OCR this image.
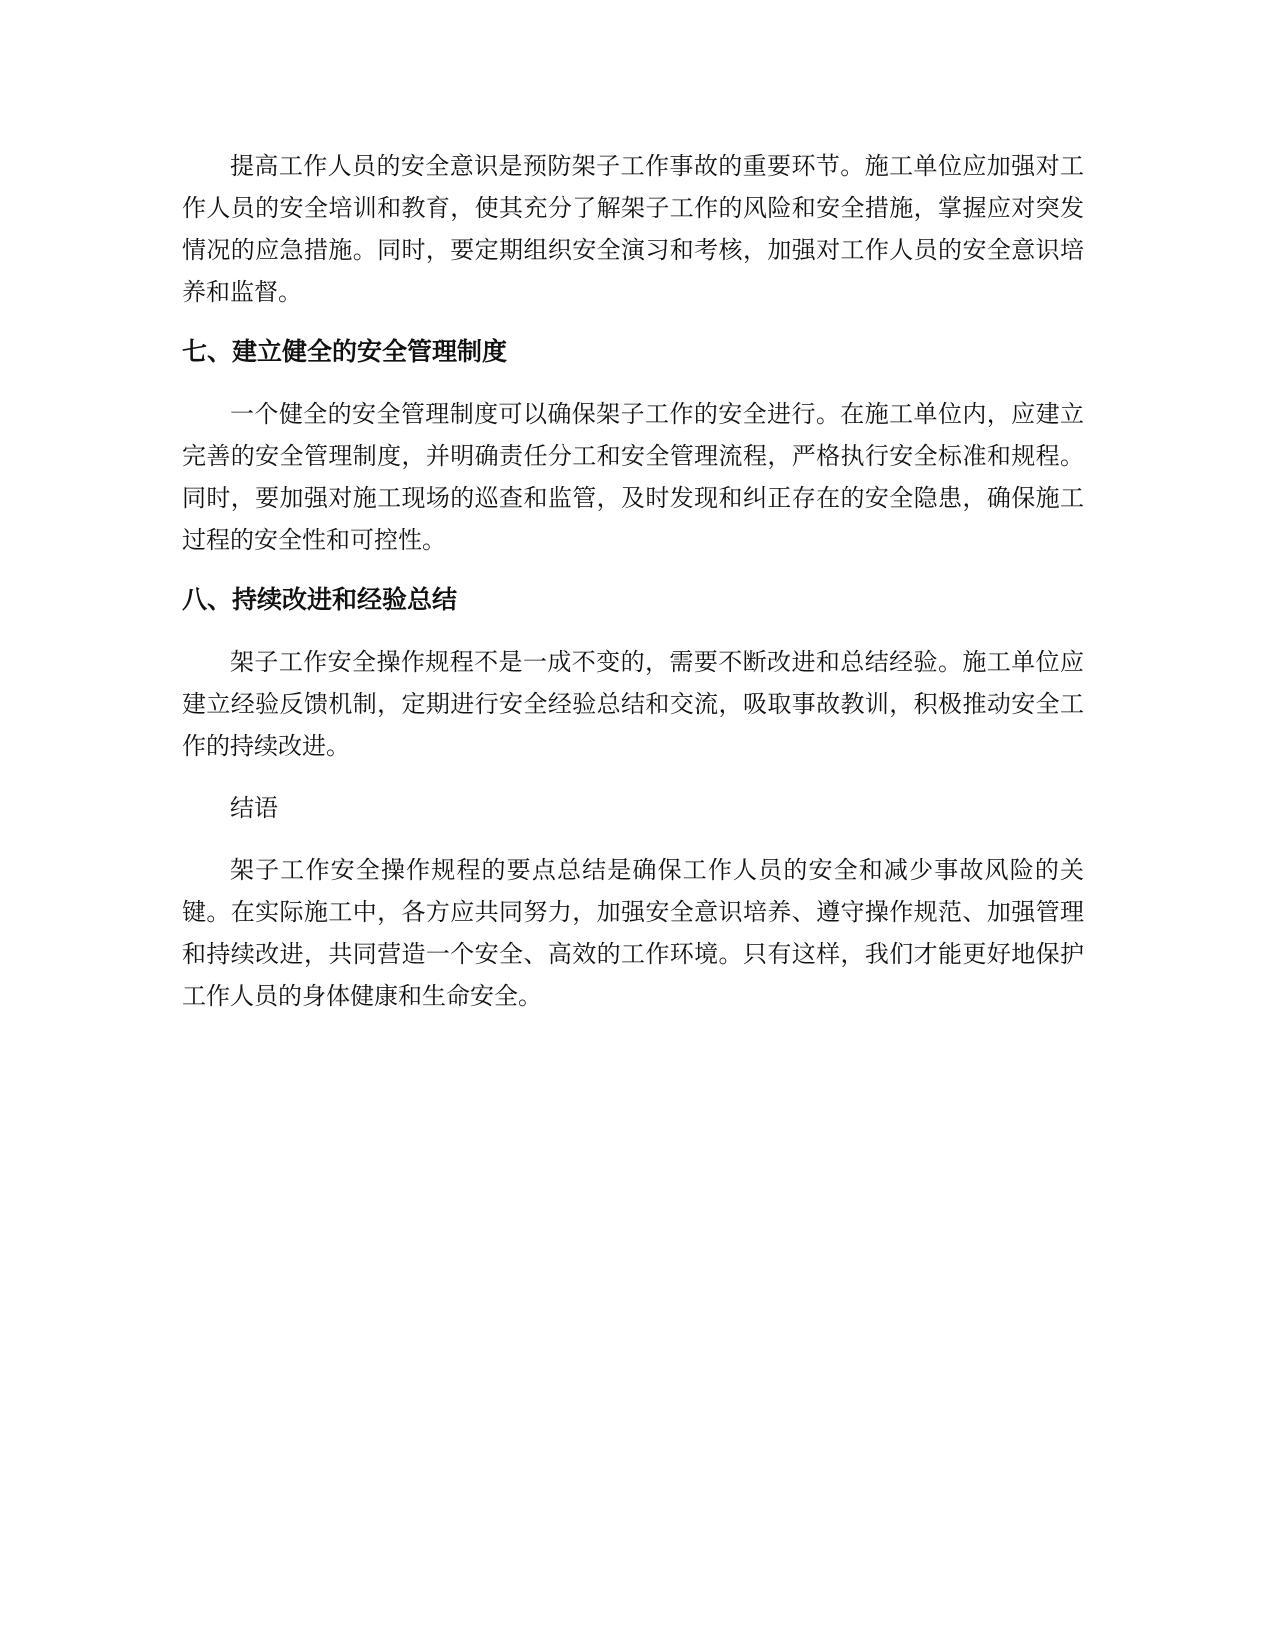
提高工作人员的安全意识是预防架子工作事故的重要环节。施工单位应加强对工作人员的安全培训和教育，使其充分了解架子工作的风险和安全措施，掌握应对突发情况的应急措施。同时，要定期组织安全演习和考核，加强对工作人员的安全意识培养和监督。

七、建立健全的安全管理制度

一个健全的安全管理制度可以确保架子工作的安全进行。在施工单位内，应建立完善的安全管理制度，并明确责任分工和安全管理流程，严格执行安全标准和规程。同时，要加强对施工现场的巡查和监管，及时发现和纠正存在的安全隐患，确保施工过程的安全性和可控性。

八、持续改进和经验总结

架子工作安全操作规程不是一成不变的，需要不断改进和总结经验。施工单位应建立经验反馈机制，定期进行安全经验总结和交流，吸取事故教训，积极推动安全工作的持续改进。

结语

架子工作安全操作规程的要点总结是确保工作人员的安全和减少事故风险的关键。在实际施工中，各方应共同努力，加强安全意识培养、遵守操作规范、加强管理和持续改进，共同营造一个安全、高效的工作环境。只有这样，我们才能更好地保护工作人员的身体健康和生命安全。
